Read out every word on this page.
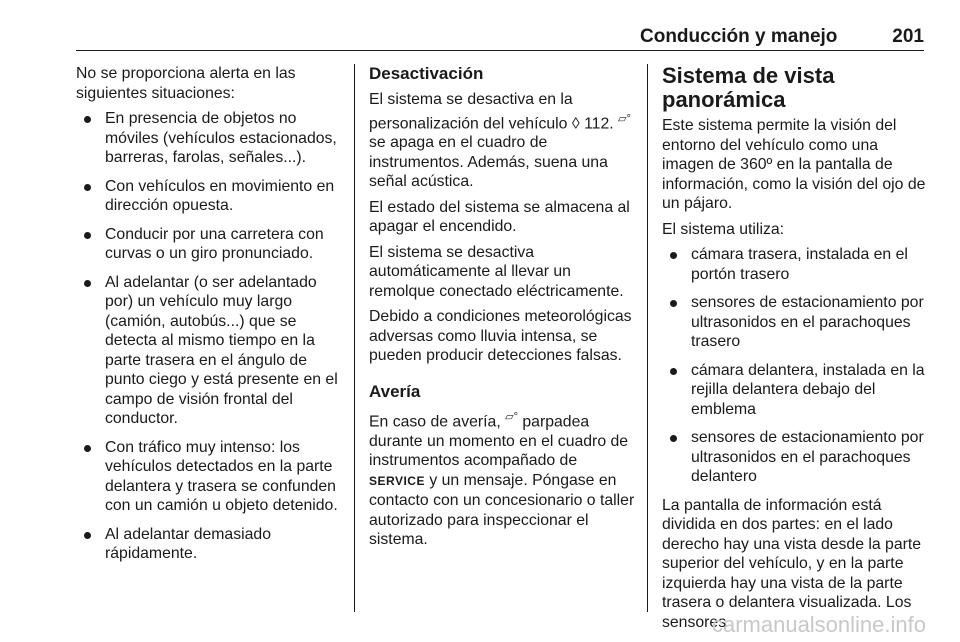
Conducción y manejo	201

No se proporciona alerta en las siguientes situaciones:

En presencia de objetos no móviles (vehículos estacionados, barreras, farolas, señales...).
Con vehículos en movimiento en dirección opuesta.
Conducir por una carretera con curvas o un giro pronunciado.
Al adelantar (o ser adelantado por) un vehículo muy largo (camión, autobús...) que se detecta al mismo tiempo en la parte trasera en el ángulo de punto ciego y está presente en el campo de visión frontal del conductor.
Con tráfico muy intenso: los vehículos detectados en la parte delantera y trasera se confunden con un camión u objeto detenido.
Al adelantar demasiado rápidamente.
Desactivación

El sistema se desactiva en la personalización del vehículo ◊ 112. ▱° se apaga en el cuadro de instrumentos. Además, suena una señal acústica.

El estado del sistema se almacena al apagar el encendido.

El sistema se desactiva automáticamente al llevar un remolque conectado eléctricamente.

Debido a condiciones meteorológicas adversas como lluvia intensa, se pueden producir detecciones falsas.

Avería

En caso de avería, ▱° parpadea durante un momento en el cuadro de instrumentos acompañado de SERVICE y un mensaje. Póngase en contacto con un concesionario o taller autorizado para inspeccionar el sistema.

Sistema de vista panorámica

Este sistema permite la visión del entorno del vehículo como una imagen de 360º en la pantalla de información, como la visión del ojo de un pájaro.

El sistema utiliza:

cámara trasera, instalada en el portón trasero
sensores de estacionamiento por ultrasonidos en el parachoques trasero
cámara delantera, instalada en la rejilla delantera debajo del emblema
sensores de estacionamiento por ultrasonidos en el parachoques delantero

La pantalla de información está dividida en dos partes: en el lado derecho hay una vista desde la parte superior del vehículo, y en la parte izquierda hay una vista de la parte trasera o delantera visualizada. Los sensores

carmanualsonline.info
